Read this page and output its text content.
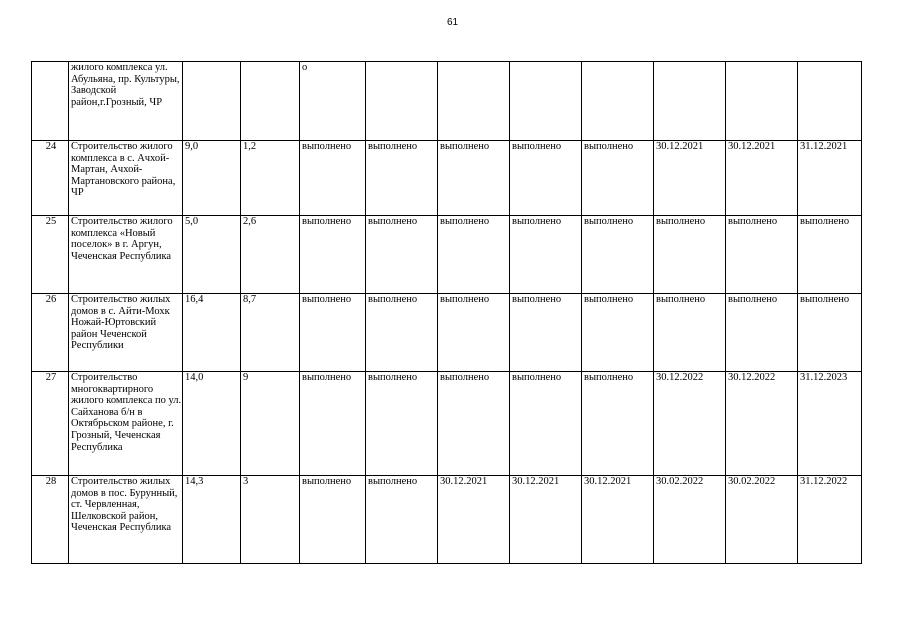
61
	жилого комплекса ул. Абульяна, пр. Культуры, Заводской район,г.Грозный, ЧР			о							
24	Строительство жилого комплекса в с. Ачхой-Мартан, Ачхой-Мартановского района, ЧР	9,0	1,2	выполнено	выполнено	выполнено	выполнено	выполнено	30.12.2021	30.12.2021	31.12.2021
25	Строительство жилого комплекса «Новый поселок» в г. Аргун, Чеченская Республика	5,0	2,6	выполнено	выполнено	выполнено	выполнено	выполнено	выполнено	выполнено	выполнено
26	Строительство жилых домов в с. Айти-Мохк Ножай-Юртовский район Чеченской Республики	16,4	8,7	выполнено	выполнено	выполнено	выполнено	выполнено	выполнено	выполнено	выполнено
27	Строительство многоквартирного жилого комплекса по ул. Сайханова б/н в Октябрьском районе, г. Грозный, Чеченская Республика	14,0	9	выполнено	выполнено	выполнено	выполнено	выполнено	30.12.2022	30.12.2022	31.12.2023
28	Строительство жилых домов в пос. Бурунный, ст. Червленная, Шелковской район, Чеченская Республика	14,3	3	выполнено	выполнено	30.12.2021	30.12.2021	30.12.2021	30.02.2022	30.02.2022	31.12.2022
